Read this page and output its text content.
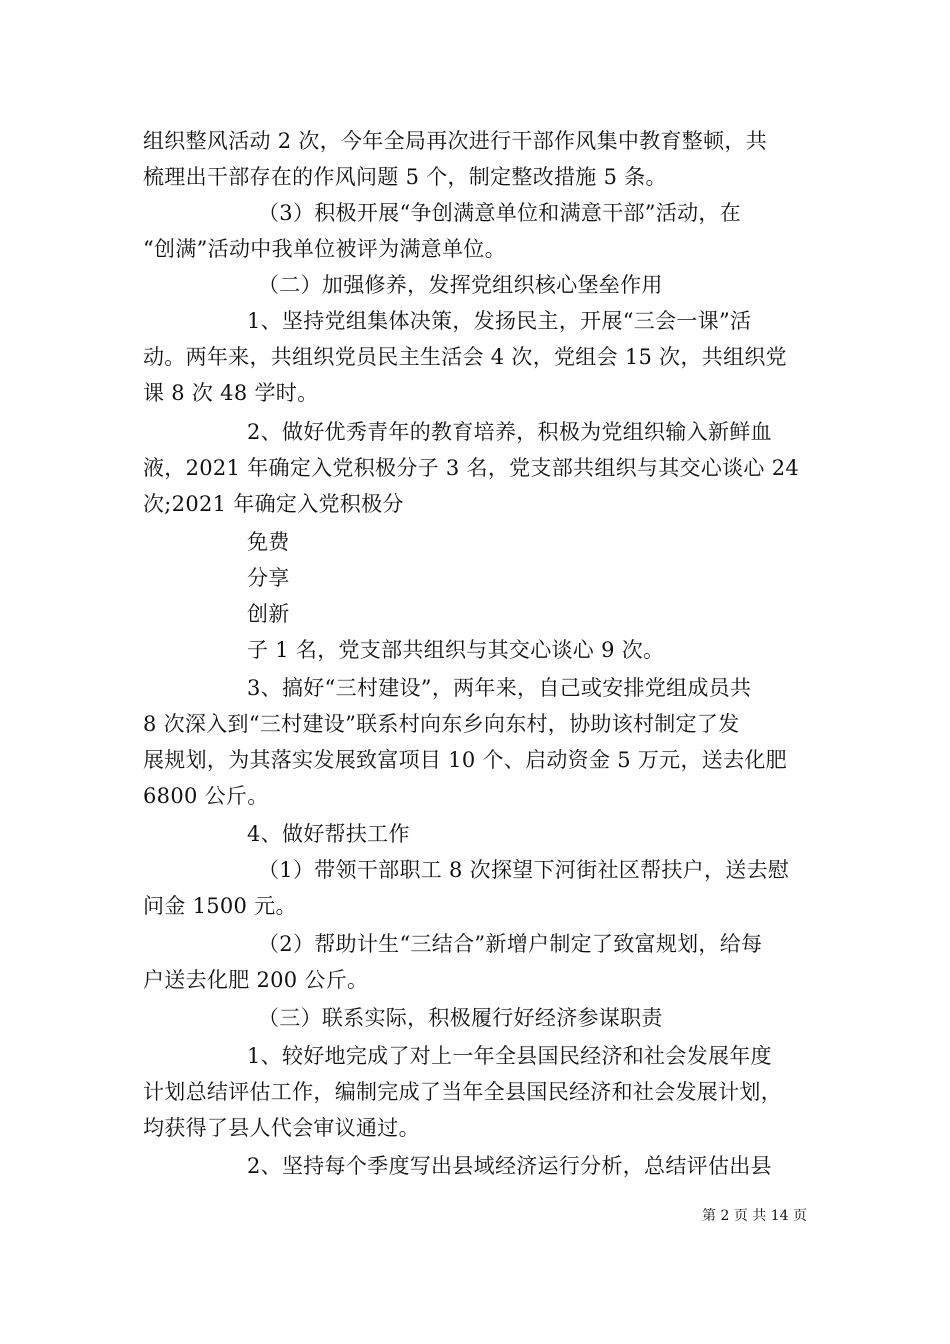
组织整风活动 2 次，今年全局再次进行干部作风集中教育整顿，共
梳理出干部存在的作风问题 5 个，制定整改措施 5 条。
（3）积极开展“争创满意单位和满意干部”活动，在
“创满”活动中我单位被评为满意单位。
（二）加强修养，发挥党组织核心堡垒作用
1、坚持党组集体决策，发扬民主，开展“三会一课”活
动。两年来，共组织党员民主生活会 4 次，党组会 15 次，共组织党
课 8 次 48 学时。
2、做好优秀青年的教育培养，积极为党组织输入新鲜血
液，2021 年确定入党积极分子 3 名，党支部共组织与其交心谈心 24
次;2021 年确定入党积极分
免费
分享
创新
子 1 名，党支部共组织与其交心谈心 9 次。
3、搞好“三村建设”，两年来，自己或安排党组成员共
8 次深入到“三村建设”联系村向东乡向东村，协助该村制定了发
展规划，为其落实发展致富项目 10 个、启动资金 5 万元，送去化肥
6800 公斤。
4、做好帮扶工作
（1）带领干部职工 8 次探望下河街社区帮扶户，送去慰
问金 1500 元。
（2）帮助计生“三结合”新增户制定了致富规划，给每
户送去化肥 200 公斤。
（三）联系实际，积极履行好经济参谋职责
1、较好地完成了对上一年全县国民经济和社会发展年度
计划总结评估工作，编制完成了当年全县国民经济和社会发展计划，
均获得了县人代会审议通过。
2、坚持每个季度写出县域经济运行分析，总结评估出县
第 2 页 共 14 页
